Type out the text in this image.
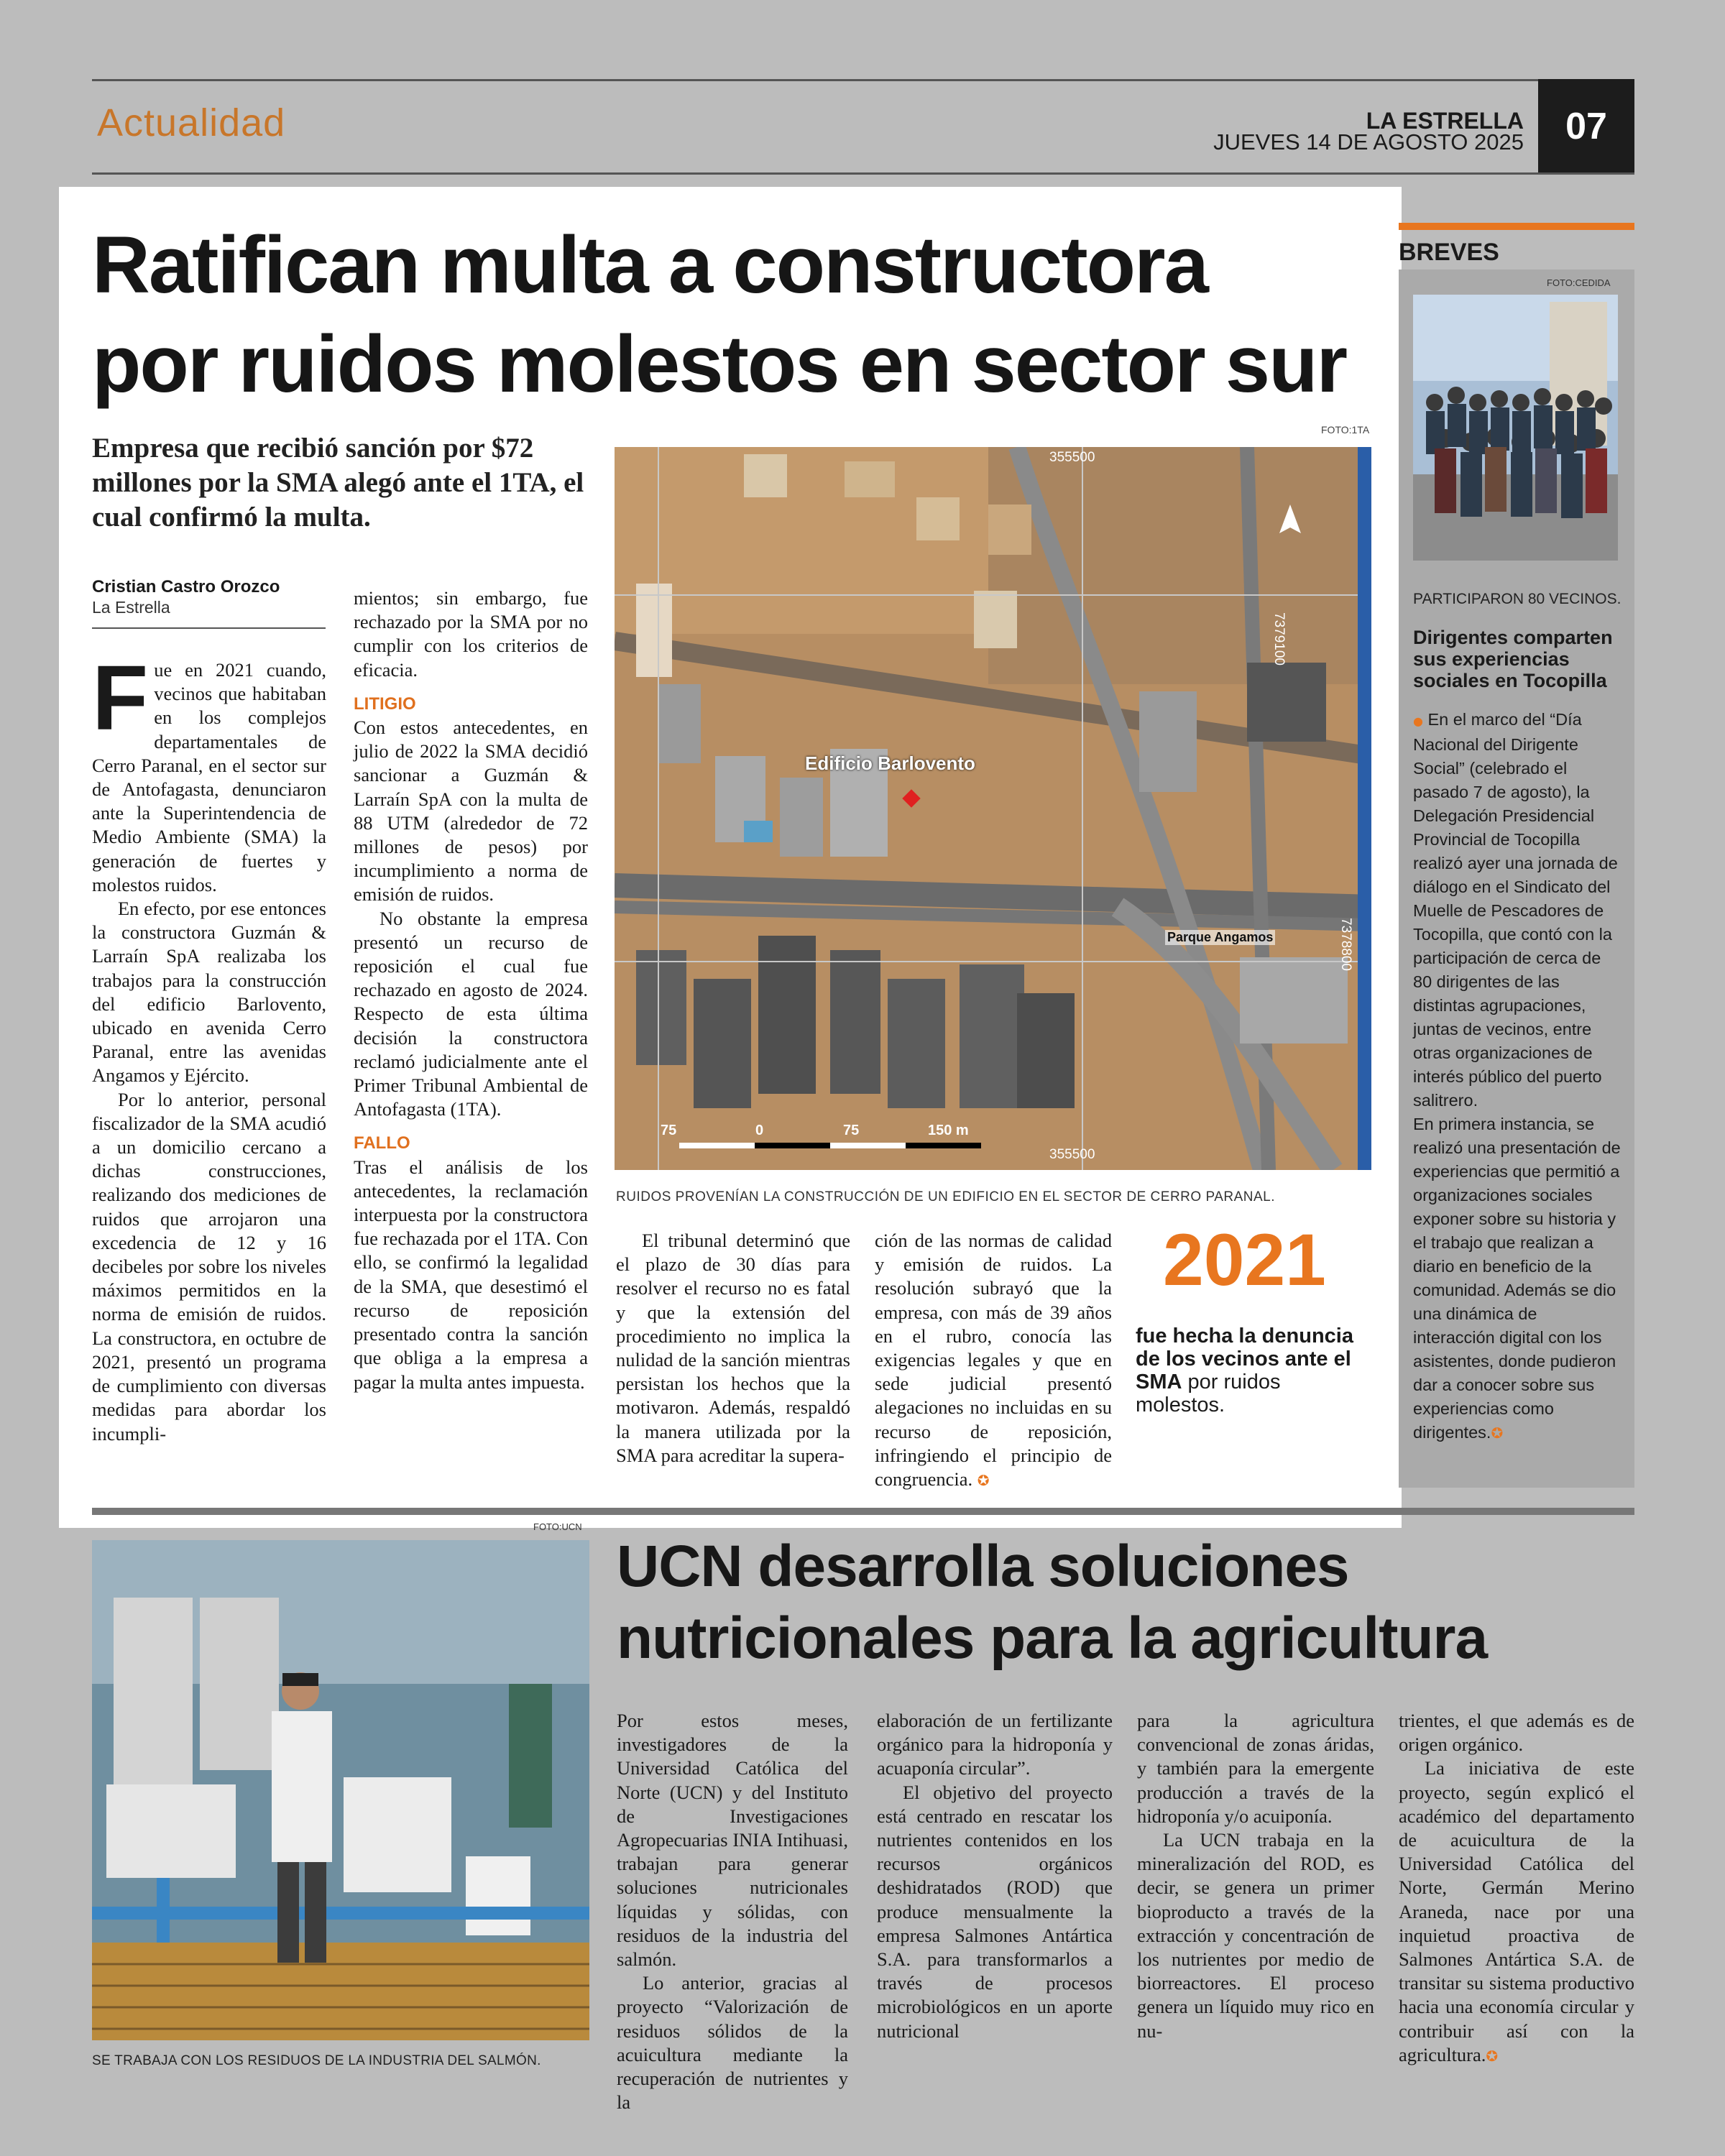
Actualidad	LA ESTRELLA
JUEVES 14 DE AGOSTO 2025	07
Ratifican multa a constructora
por ruidos molestos en sector sur
Empresa que recibió sanción por $72 millones por la SMA alegó ante el 1TA, el cual confirmó la multa.
Cristian Castro Orozco
La Estrella

Fue en 2021 cuando, vecinos que habitaban en los complejos departamentales de Cerro Paranal, en el sector sur de Antofagasta, denunciaron ante la Superintendencia de Medio Ambiente (SMA) la generación de fuertes y molestos ruidos.

En efecto, por ese entonces la constructora Guzmán & Larraín SpA realizaba los trabajos para la construcción del edificio Barlovento, ubicado en avenida Cerro Paranal, entre las avenidas Angamos y Ejército.

Por lo anterior, personal fiscalizador de la SMA acudió a un domicilio cercano a dichas construcciones, realizando dos mediciones de ruidos que arrojaron una excedencia de 12 y 16 decibeles por sobre los niveles máximos permitidos en la norma de emisión de ruidos. La constructora, en octubre de 2021, presentó un programa de cumplimiento con diversas medidas para abordar los incumpli-

mientos; sin embargo, fue rechazado por la SMA por no cumplir con los criterios de eficacia.

LITIGIO

Con estos antecedentes, en julio de 2022 la SMA decidió sancionar a Guzmán & Larraín SpA con la multa de 88 UTM (alrededor de 72 millones de pesos) por incumplimiento a norma de emisión de ruidos.

No obstante la empresa presentó un recurso de reposición el cual fue rechazado en agosto de 2024. Respecto de esta última decisión la constructora reclamó judicialmente ante el Primer Tribunal Ambiental de Antofagasta (1TA).

FALLO

Tras el análisis de los antecedentes, la reclamación interpuesta por la constructora fue rechazada por el 1TA. Con ello, se confirmó la legalidad de la SMA, que desestimó el recurso de reposición presentado contra la sanción que obliga a la empresa a pagar la multa antes impuesta.

FOTO:1TA
Edificio Barlovento
Parque Angamos
355500
355500
7379100
7378800
75	0	75	150 m
RUIDOS PROVENÍAN LA CONSTRUCCIÓN DE UN EDIFICIO EN EL SECTOR DE CERRO PARANAL.

El tribunal determinó que el plazo de 30 días para resolver el recurso no es fatal y que la extensión del procedimiento no implica la nulidad de la sanción mientras persistan los hechos que la motivaron. Además, respaldó la manera utilizada por la SMA para acreditar la supera-

ción de las normas de calidad y emisión de ruidos. La resolución subrayó que la empresa, con más de 39 años en el rubro, conocía las exigencias legales y que en sede judicial presentó alegaciones no incluidas en su recurso de reposición, infringiendo el principio de congruencia. ✪

2021
fue hecha la denuncia de los vecinos ante el SMA por ruidos molestos.
BREVES
FOTO:CEDIDA
PARTICIPARON 80 VECINOS.
Dirigentes comparten sus experiencias sociales en Tocopilla

● En el marco del “Día Nacional del Dirigente Social” (celebrado el pasado 7 de agosto), la Delegación Presidencial Provincial de Tocopilla realizó ayer una jornada de diálogo en el Sindicato del Muelle de Pescadores de Tocopilla, que contó con la participación de cerca de 80 dirigentes de las distintas agrupaciones, juntas de vecinos, entre otras organizaciones de interés público del puerto salitrero.

En primera instancia, se realizó una presentación de experiencias que permitió a organizaciones sociales exponer sobre su historia y el trabajo que realizan a diario en beneficio de la comunidad. Además se dio una dinámica de interacción digital con los asistentes, donde pudieron dar a conocer sobre sus experiencias como dirigentes.✪

FOTO:UCN
SE TRABAJA CON LOS RESIDUOS DE LA INDUSTRIA DEL SALMÓN.
UCN desarrolla soluciones
nutricionales para la agricultura

Por estos meses, investigadores de la Universidad Católica del Norte (UCN) y del Instituto de Investigaciones Agropecuarias INIA Intihuasi, trabajan para generar soluciones nutricionales líquidas y sólidas, con residuos de la industria del salmón.

Lo anterior, gracias al proyecto “Valorización de residuos sólidos de la acuicultura mediante la recuperación de nutrientes y la

elaboración de un fertilizante orgánico para la hidroponía y acuaponía circular”.

El objetivo del proyecto está centrado en rescatar los nutrientes contenidos en los recursos orgánicos deshidratados (ROD) que produce mensualmente la empresa Salmones Antártica S.A. para transformarlos a través de procesos microbiológicos en un aporte nutricional

para la agricultura convencional de zonas áridas, y también para la emergente producción a través de la hidroponía y/o acuiponía.

La UCN trabaja en la mineralización del ROD, es decir, se genera un primer bioproducto a través de la extracción y concentración de los nutrientes por medio de biorreactores. El proceso genera un líquido muy rico en nu-

trientes, el que además es de origen orgánico.

La iniciativa de este proyecto, según explicó el académico del departamento de acuicultura de la Universidad Católica del Norte, Germán Merino Araneda, nace por una inquietud proactiva de Salmones Antártica S.A. de transitar su sistema productivo hacia una economía circular y contribuir así con la agricultura.✪
